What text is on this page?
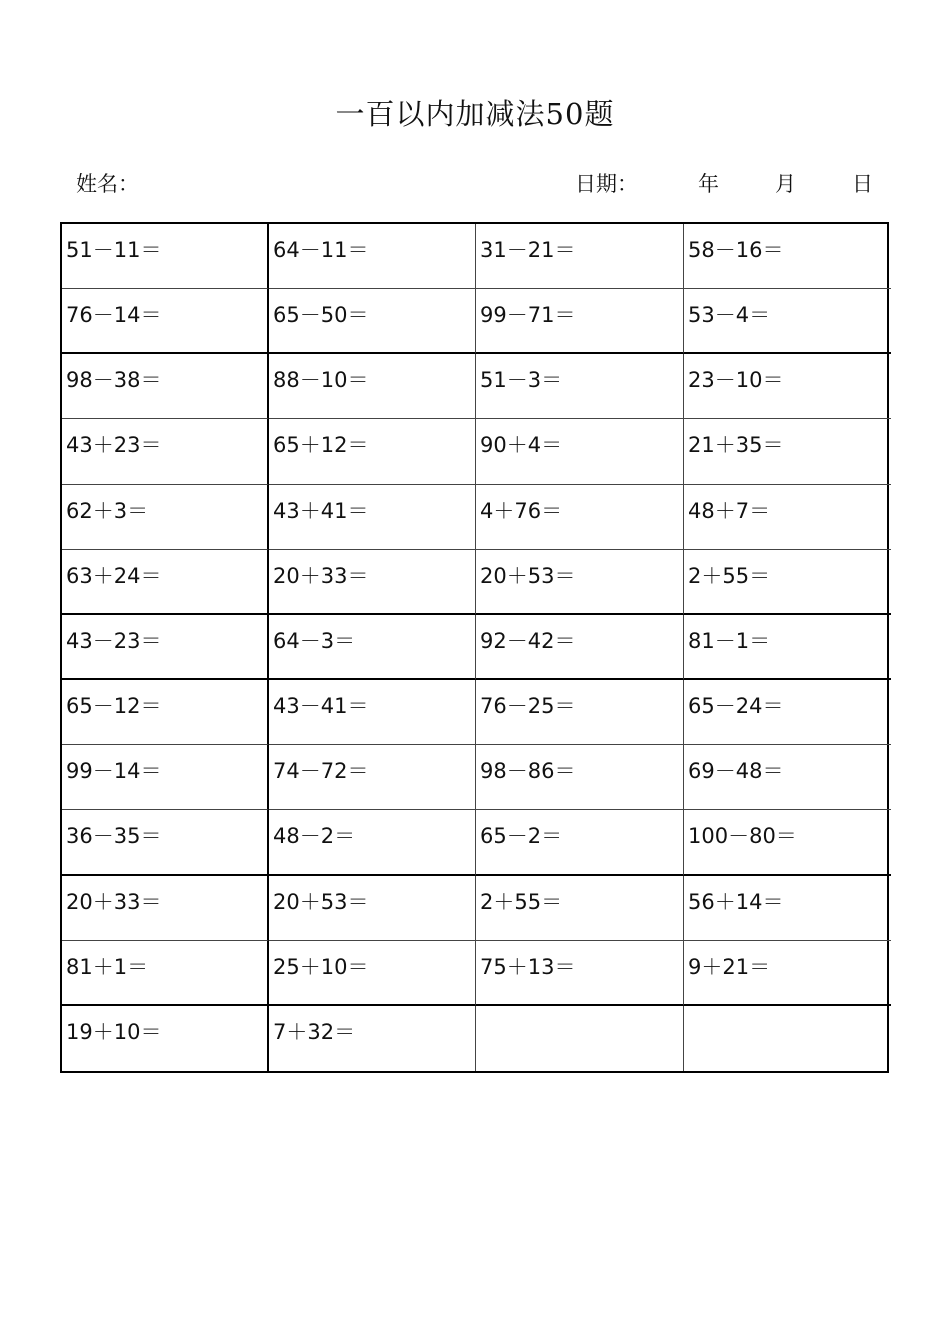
一百以内加减法50题
姓名：	日期：	年	月	日
51－11＝	64－11＝	31－21＝	58－16＝
76－14＝	65－50＝	99－71＝	53－4＝
98－38＝	88－10＝	51－3＝	23－10＝
43＋23＝	65＋12＝	90＋4＝	21＋35＝
62＋3＝	43＋41＝	4＋76＝	48＋7＝
63＋24＝	20＋33＝	20＋53＝	2＋55＝
43－23＝	64－3＝	92－42＝	81－1＝
65－12＝	43－41＝	76－25＝	65－24＝
99－14＝	74－72＝	98－86＝	69－48＝
36－35＝	48－2＝	65－2＝	100－80＝
20＋33＝	20＋53＝	2＋55＝	56＋14＝
81＋1＝	25＋10＝	75＋13＝	9＋21＝
19＋10＝	7＋32＝
